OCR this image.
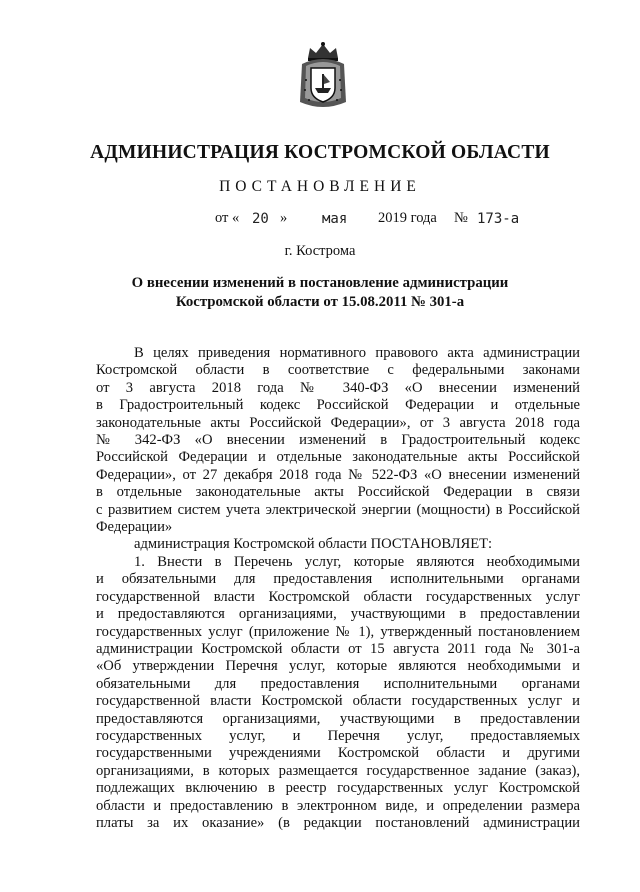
АДМИНИСТРАЦИЯ КОСТРОМСКОЙ ОБЛАСТИ
ПОСТАНОВЛЕНИЕ
от « 20 » мая 2019 года № 173-а
г. Кострома
О внесении изменений в постановление администрации
Костромской области от 15.08.2011 № 301-а
В целях приведения нормативного правового акта администрации
Костромской области в соответствие с федеральными законами
от 3 августа 2018 года № 340-ФЗ «О внесении изменений
в Градостроительный кодекс Российской Федерации и отдельные
законодательные акты Российской Федерации», от 3 августа 2018 года
№ 342-ФЗ «О внесении изменений в Градостроительный кодекс
Российской Федерации и отдельные законодательные акты Российской
Федерации», от 27 декабря 2018 года № 522-ФЗ «О внесении изменений
в отдельные законодательные акты Российской Федерации в связи
с развитием систем учета электрической энергии (мощности) в Российской
Федерации»
администрация Костромской области ПОСТАНОВЛЯЕТ:
1. Внести в Перечень услуг, которые являются необходимыми
и обязательными для предоставления исполнительными органами
государственной власти Костромской области государственных услуг
и предоставляются организациями, участвующими в предоставлении
государственных услуг (приложение № 1), утвержденный постановлением
администрации Костромской области от 15 августа 2011 года № 301-а
«Об утверждении Перечня услуг, которые являются необходимыми и
обязательными для предоставления исполнительными органами
государственной власти Костромской области государственных услуг и
предоставляются организациями, участвующими в предоставлении
государственных услуг, и Перечня услуг, предоставляемых
государственными учреждениями Костромской области и другими
организациями, в которых размещается государственное задание (заказ),
подлежащих включению в реестр государственных услуг Костромской
области и предоставлению в электронном виде, и определении размера
платы за их оказание» (в редакции постановлений администрации
